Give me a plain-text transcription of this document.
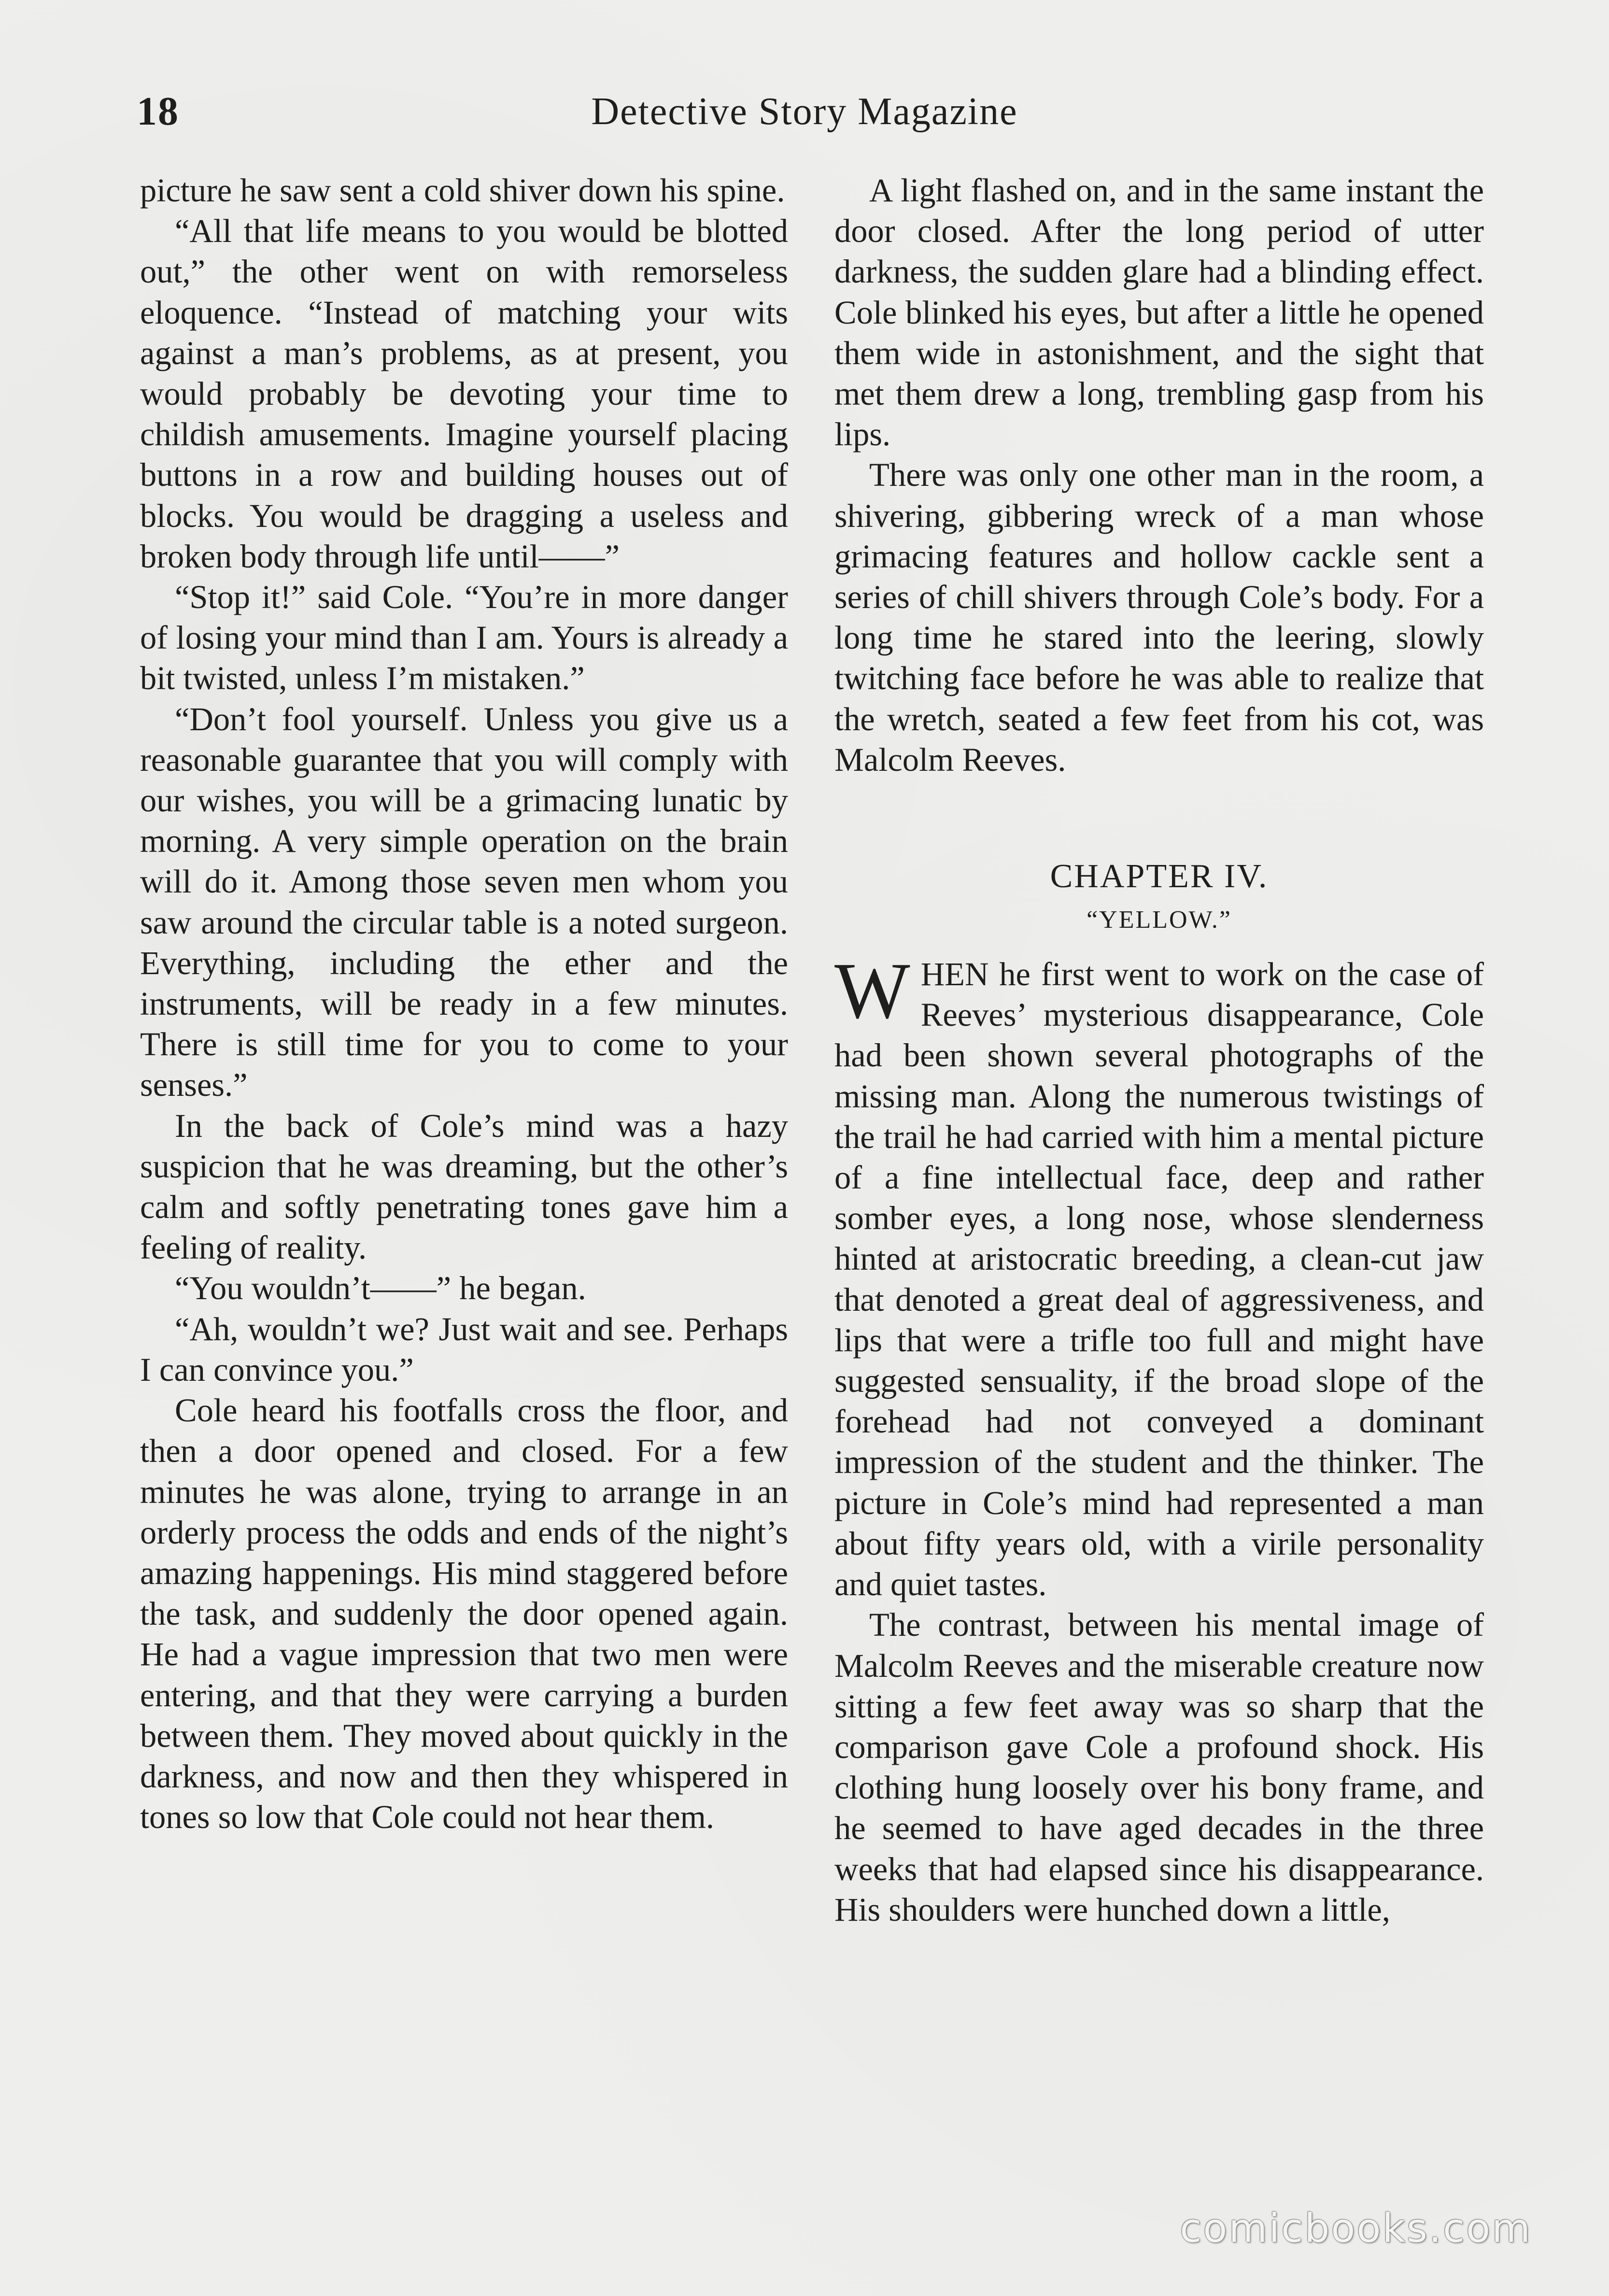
18	Detective Story Magazine

picture he saw sent a cold shiver down his spine.

“All that life means to you would be blotted out,” the other went on with remorseless eloquence. “Instead of matching your wits against a man’s problems, as at present, you would probably be devoting your time to childish amusements. Imagine yourself placing buttons in a row and building houses out of blocks. You would be dragging a useless and broken body through life until——”

“Stop it!” said Cole. “You’re in more danger of losing your mind than I am. Yours is already a bit twisted, unless I’m mistaken.”

“Don’t fool yourself. Unless you give us a reasonable guarantee that you will comply with our wishes, you will be a grimacing lunatic by morning. A very simple operation on the brain will do it. Among those seven men whom you saw around the circular table is a noted surgeon. Everything, including the ether and the instruments, will be ready in a few minutes. There is still time for you to come to your senses.”

In the back of Cole’s mind was a hazy suspicion that he was dreaming, but the other’s calm and softly penetrating tones gave him a feeling of reality.

“You wouldn’t——” he began.

“Ah, wouldn’t we? Just wait and see. Perhaps I can convince you.”

Cole heard his footfalls cross the floor, and then a door opened and closed. For a few minutes he was alone, trying to arrange in an orderly process the odds and ends of the night’s amazing happenings. His mind staggered before the task, and suddenly the door opened again. He had a vague impression that two men were entering, and that they were carrying a burden between them. They moved about quickly in the darkness, and now and then they whispered in tones so low that Cole could not hear them.

A light flashed on, and in the same instant the door closed. After the long period of utter darkness, the sudden glare had a blinding effect. Cole blinked his eyes, but after a little he opened them wide in astonishment, and the sight that met them drew a long, trembling gasp from his lips.

There was only one other man in the room, a shivering, gibbering wreck of a man whose grimacing features and hollow cackle sent a series of chill shivers through Cole’s body. For a long time he stared into the leering, slowly twitching face before he was able to realize that the wretch, seated a few feet from his cot, was Malcolm Reeves.

CHAPTER IV.
“YELLOW.”

WHEN he first went to work on the case of Reeves’ mysterious disappearance, Cole had been shown several photographs of the missing man. Along the numerous twistings of the trail he had carried with him a mental picture of a fine intellectual face, deep and rather somber eyes, a long nose, whose slenderness hinted at aristocratic breeding, a clean-cut jaw that denoted a great deal of aggressiveness, and lips that were a trifle too full and might have suggested sensuality, if the broad slope of the forehead had not conveyed a dominant impression of the student and the thinker. The picture in Cole’s mind had represented a man about fifty years old, with a virile personality and quiet tastes.

The contrast, between his mental image of Malcolm Reeves and the miserable creature now sitting a few feet away was so sharp that the comparison gave Cole a profound shock. His clothing hung loosely over his bony frame, and he seemed to have aged decades in the three weeks that had elapsed since his disappearance. His shoulders were hunched down a little,

comicbooks.com
